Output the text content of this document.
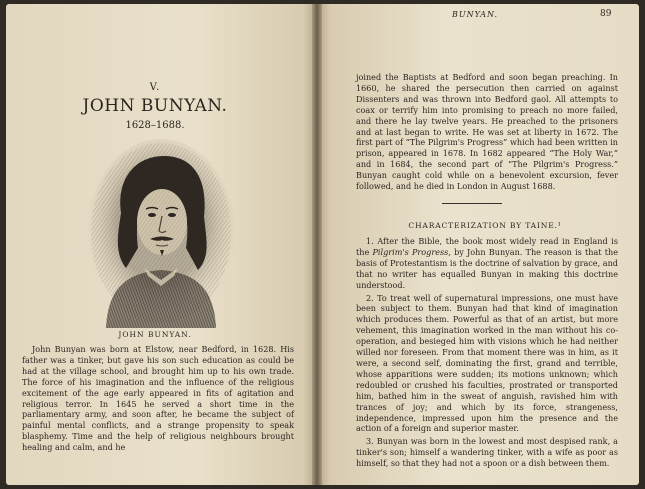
V.
JOHN BUNYAN.
1628–1688.
JOHN BUNYAN.

John Bunyan was born at Elstow, near Bedford, in 1628. His father was a tinker, but gave his son such education as could be had at the village school, and brought him up to his own trade. The force of his imagination and the influence of the religious excitement of the age early appeared in fits of agitation and religious terror. In 1645 he served a short time in the parliamentary army, and soon after, he became the subject of painful mental conflicts, and a strange propensity to speak blasphemy. Time and the help of religious neighbours brought healing and calm, and he

BUNYAN.	89

joined the Baptists at Bedford and soon began preaching. In 1660, he shared the persecution then carried on against Dissenters and was thrown into Bedford gaol. All attempts to coax or terrify him into promising to preach no more failed, and there he lay twelve years. He preached to the prisoners and at last began to write. He was set at liberty in 1672. The first part of “The Pilgrim's Progress” which had been written in prison, appeared in 1678. In 1682 appeared “The Holy War,” and in 1684, the second part of “The Pilgrim's Progress.” Bunyan caught cold while on a benevolent excursion, fever followed, and he died in London in August 1688.

CHARACTERIZATION BY TAINE.¹

1. After the Bible, the book most widely read in England is the Pilgrim's Progress, by John Bunyan. The reason is that the basis of Protestantism is the doctrine of salvation by grace, and that no writer has equalled Bunyan in making this doctrine understood.

2. To treat well of supernatural impressions, one must have been subject to them. Bunyan had that kind of imagination which produces them. Powerful as that of an artist, but more vehement, this imagination worked in the man without his co-operation, and besieged him with visions which he had neither willed nor foreseen. From that moment there was in him, as it were, a second self, dominating the first, grand and terrible, whose apparitions were sudden; its motions unknown; which redoubled or crushed his faculties, prostrated or transported him, bathed him in the sweat of anguish, ravished him with trances of joy; and which by its force, strangeness, independence, impressed upon him the presence and the action of a foreign and superior master.

3. Bunyan was born in the lowest and most despised rank, a tinker's son; himself a wandering tinker, with a wife as poor as himself, so that they had not a spoon or a dish between them.
